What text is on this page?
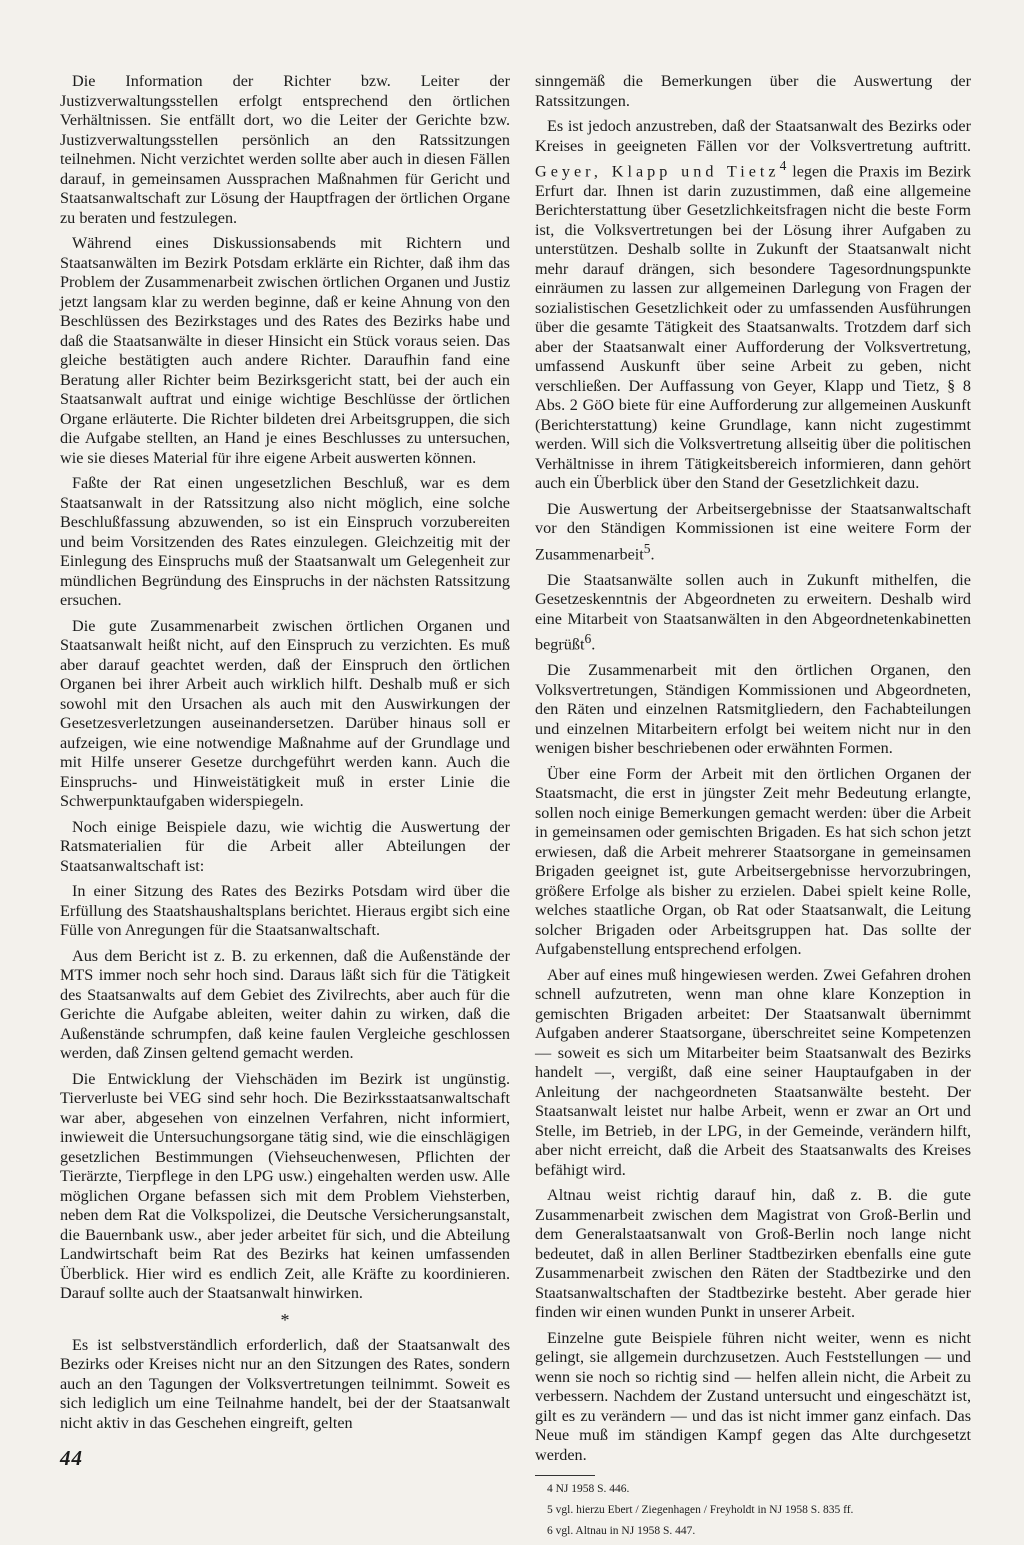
Die Information der Richter bzw. Leiter der Justizverwaltungsstellen erfolgt entsprechend den örtlichen Verhältnissen. Sie entfällt dort, wo die Leiter der Gerichte bzw. Justizverwaltungsstellen persönlich an den Ratssitzungen teilnehmen. Nicht verzichtet werden sollte aber auch in diesen Fällen darauf, in gemeinsamen Aussprachen Maßnahmen für Gericht und Staatsanwaltschaft zur Lösung der Hauptfragen der örtlichen Organe zu beraten und festzulegen.

Während eines Diskussionsabends mit Richtern und Staatsanwälten im Bezirk Potsdam erklärte ein Richter, daß ihm das Problem der Zusammenarbeit zwischen örtlichen Organen und Justiz jetzt langsam klar zu werden beginne, daß er keine Ahnung von den Beschlüssen des Bezirkstages und des Rates des Bezirks habe und daß die Staatsanwälte in dieser Hinsicht ein Stück voraus seien. Das gleiche bestätigten auch andere Richter. Daraufhin fand eine Beratung aller Richter beim Bezirksgericht statt, bei der auch ein Staatsanwalt auftrat und einige wichtige Beschlüsse der örtlichen Organe erläuterte. Die Richter bildeten drei Arbeitsgruppen, die sich die Aufgabe stellten, an Hand je eines Beschlusses zu untersuchen, wie sie dieses Material für ihre eigene Arbeit auswerten können.

Faßte der Rat einen ungesetzlichen Beschluß, war es dem Staatsanwalt in der Ratssitzung also nicht möglich, eine solche Beschlußfassung abzuwenden, so ist ein Einspruch vorzubereiten und beim Vorsitzenden des Rates einzulegen. Gleichzeitig mit der Einlegung des Einspruchs muß der Staatsanwalt um Gelegenheit zur mündlichen Begründung des Einspruchs in der nächsten Ratssitzung ersuchen.

Die gute Zusammenarbeit zwischen örtlichen Organen und Staatsanwalt heißt nicht, auf den Einspruch zu verzichten. Es muß aber darauf geachtet werden, daß der Einspruch den örtlichen Organen bei ihrer Arbeit auch wirklich hilft. Deshalb muß er sich sowohl mit den Ursachen als auch mit den Auswirkungen der Gesetzesverletzungen auseinandersetzen. Darüber hinaus soll er aufzeigen, wie eine notwendige Maßnahme auf der Grundlage und mit Hilfe unserer Gesetze durchgeführt werden kann. Auch die Einspruchs- und Hinweistätigkeit muß in erster Linie die Schwerpunktaufgaben widerspiegeln.

Noch einige Beispiele dazu, wie wichtig die Auswertung der Ratsmaterialien für die Arbeit aller Abteilungen der Staatsanwaltschaft ist:

In einer Sitzung des Rates des Bezirks Potsdam wird über die Erfüllung des Staatshaushaltsplans berichtet. Hieraus ergibt sich eine Fülle von Anregungen für die Staatsanwaltschaft.

Aus dem Bericht ist z. B. zu erkennen, daß die Außenstände der MTS immer noch sehr hoch sind. Daraus läßt sich für die Tätigkeit des Staatsanwalts auf dem Gebiet des Zivilrechts, aber auch für die Gerichte die Aufgabe ableiten, weiter dahin zu wirken, daß die Außenstände schrumpfen, daß keine faulen Vergleiche geschlossen werden, daß Zinsen geltend gemacht werden.

Die Entwicklung der Viehschäden im Bezirk ist ungünstig. Tierverluste bei VEG sind sehr hoch. Die Bezirksstaatsanwaltschaft war aber, abgesehen von einzelnen Verfahren, nicht informiert, inwieweit die Untersuchungsorgane tätig sind, wie die einschlägigen gesetzlichen Bestimmungen (Viehseuchenwesen, Pflichten der Tierärzte, Tierpflege in den LPG usw.) eingehalten werden usw. Alle möglichen Organe befassen sich mit dem Problem Viehsterben, neben dem Rat die Volkspolizei, die Deutsche Versicherungsanstalt, die Bauernbank usw., aber jeder arbeitet für sich, und die Abteilung Landwirtschaft beim Rat des Bezirks hat keinen umfassenden Überblick. Hier wird es endlich Zeit, alle Kräfte zu koordinieren. Darauf sollte auch der Staatsanwalt hinwirken.

*

Es ist selbstverständlich erforderlich, daß der Staatsanwalt des Bezirks oder Kreises nicht nur an den Sitzungen des Rates, sondern auch an den Tagungen der Volksvertretungen teilnimmt. Soweit es sich lediglich um eine Teilnahme handelt, bei der der Staatsanwalt nicht aktiv in das Geschehen eingreift, gelten

sinngemäß die Bemerkungen über die Auswertung der Ratssitzungen.

Es ist jedoch anzustreben, daß der Staatsanwalt des Bezirks oder Kreises in geeigneten Fällen vor der Volksvertretung auftritt. Geyer, Klapp und Tietz$^4$ legen die Praxis im Bezirk Erfurt dar. Ihnen ist darin zuzustimmen, daß eine allgemeine Berichterstattung über Gesetzlichkeitsfragen nicht die beste Form ist, die Volksvertretungen bei der Lösung ihrer Aufgaben zu unterstützen. Deshalb sollte in Zukunft der Staatsanwalt nicht mehr darauf drängen, sich besondere Tagesordnungspunkte einräumen zu lassen zur allgemeinen Darlegung von Fragen der sozialistischen Gesetzlichkeit oder zu umfassenden Ausführungen über die gesamte Tätigkeit des Staatsanwalts. Trotzdem darf sich aber der Staatsanwalt einer Aufforderung der Volksvertretung, umfassend Auskunft über seine Arbeit zu geben, nicht verschließen. Der Auffassung von Geyer, Klapp und Tietz, § 8 Abs. 2 GöO biete für eine Aufforderung zur allgemeinen Auskunft (Berichterstattung) keine Grundlage, kann nicht zugestimmt werden. Will sich die Volksvertretung allseitig über die politischen Verhältnisse in ihrem Tätigkeitsbereich informieren, dann gehört auch ein Überblick über den Stand der Gesetzlichkeit dazu.

Die Auswertung der Arbeitsergebnisse der Staatsanwaltschaft vor den Ständigen Kommissionen ist eine weitere Form der Zusammenarbeit$^5$.

Die Staatsanwälte sollen auch in Zukunft mithelfen, die Gesetzeskenntnis der Abgeordneten zu erweitern. Deshalb wird eine Mitarbeit von Staatsanwälten in den Abgeordnetenkabinetten begrüßt$^6$.

Die Zusammenarbeit mit den örtlichen Organen, den Volksvertretungen, Ständigen Kommissionen und Abgeordneten, den Räten und einzelnen Ratsmitgliedern, den Fachabteilungen und einzelnen Mitarbeitern erfolgt bei weitem nicht nur in den wenigen bisher beschriebenen oder erwähnten Formen.

Über eine Form der Arbeit mit den örtlichen Organen der Staatsmacht, die erst in jüngster Zeit mehr Bedeutung erlangte, sollen noch einige Bemerkungen gemacht werden: über die Arbeit in gemeinsamen oder gemischten Brigaden. Es hat sich schon jetzt erwiesen, daß die Arbeit mehrerer Staatsorgane in gemeinsamen Brigaden geeignet ist, gute Arbeitsergebnisse hervorzubringen, größere Erfolge als bisher zu erzielen. Dabei spielt keine Rolle, welches staatliche Organ, ob Rat oder Staatsanwalt, die Leitung solcher Brigaden oder Arbeitsgruppen hat. Das sollte der Aufgabenstellung entsprechend erfolgen.

Aber auf eines muß hingewiesen werden. Zwei Gefahren drohen schnell aufzutreten, wenn man ohne klare Konzeption in gemischten Brigaden arbeitet: Der Staatsanwalt übernimmt Aufgaben anderer Staatsorgane, überschreitet seine Kompetenzen — soweit es sich um Mitarbeiter beim Staatsanwalt des Bezirks handelt —, vergißt, daß eine seiner Hauptaufgaben in der Anleitung der nachgeordneten Staatsanwälte besteht. Der Staatsanwalt leistet nur halbe Arbeit, wenn er zwar an Ort und Stelle, im Betrieb, in der LPG, in der Gemeinde, verändern hilft, aber nicht erreicht, daß die Arbeit des Staatsanwalts des Kreises befähigt wird.

Altnau weist richtig darauf hin, daß z. B. die gute Zusammenarbeit zwischen dem Magistrat von Groß-Berlin und dem Generalstaatsanwalt von Groß-Berlin noch lange nicht bedeutet, daß in allen Berliner Stadtbezirken ebenfalls eine gute Zusammenarbeit zwischen den Räten der Stadtbezirke und den Staatsanwaltschaften der Stadtbezirke besteht. Aber gerade hier finden wir einen wunden Punkt in unserer Arbeit.

Einzelne gute Beispiele führen nicht weiter, wenn es nicht gelingt, sie allgemein durchzusetzen. Auch Feststellungen — und wenn sie noch so richtig sind — helfen allein nicht, die Arbeit zu verbessern. Nachdem der Zustand untersucht und eingeschätzt ist, gilt es zu verändern — und das ist nicht immer ganz einfach. Das Neue muß im ständigen Kampf gegen das Alte durchgesetzt werden.

4 NJ 1958 S. 446.

5 vgl. hierzu Ebert / Ziegenhagen / Freyholdt in NJ 1958 S. 835 ff.

6 vgl. Altnau in NJ 1958 S. 447.

44
